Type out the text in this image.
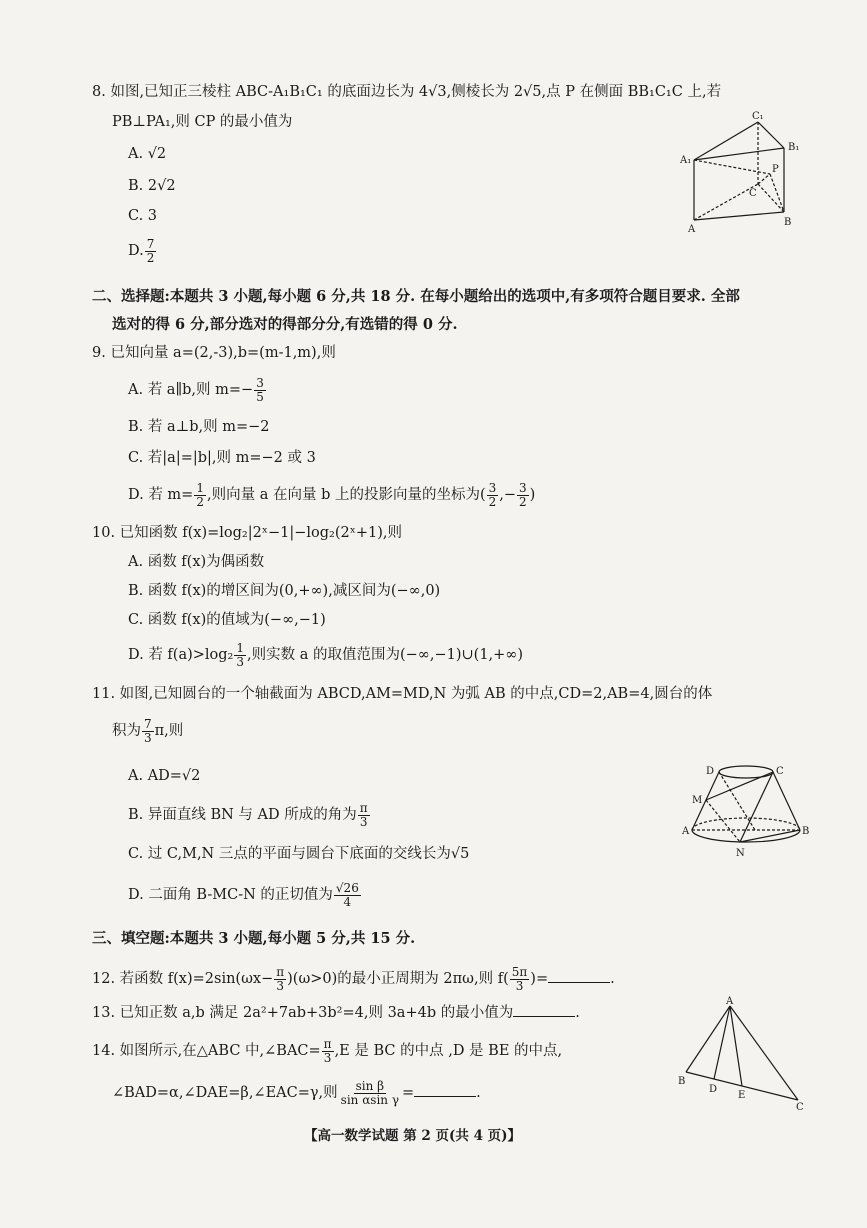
8. 如图,已知正三棱柱 ABC-A₁B₁C₁ 的底面边长为 4√3,侧棱长为 2√5,点 P 在侧面 BB₁C₁C 上,若
PB⊥PA₁,则 CP 的最小值为
A. √2
B. 2√2
C. 3
D. $\frac{7}{2}$
C₁
A₁
B₁
P
C
A
B
二、选择题:本题共 3 小题,每小题 6 分,共 18 分. 在每小题给出的选项中,有多项符合题目要求. 全部
选对的得 6 分,部分选对的得部分分,有选错的得 0 分.
9. 已知向量 a=(2,-3),b=(m-1,m),则
A. 若 a∥b,则 $m=- \frac{3}{5}$
B. 若 a⊥b,则 m=−2
C. 若|a|=|b|,则 m=−2 或 3
D. 若 $m= \frac{1}{2}$ ,则向量 a 在向量 b 上的投影向量的坐标为( $\frac{3}{2}$ ,− $\frac{3}{2}$ )
10. 已知函数 f(x)=log₂|2ˣ−1|−log₂(2ˣ+1),则
A. 函数 f(x)为偶函数
B. 函数 f(x)的增区间为(0,+∞),减区间为(−∞,0)
C. 函数 f(x)的值域为(−∞,−1)
D. 若 $f(a)>\log_2 \frac{1}{3}$ ,则实数 a 的取值范围为(−∞,−1)∪(1,+∞)
11. 如图,已知圆台的一个轴截面为 ABCD,AM=MD,N 为弧 AB 的中点,CD=2,AB=4,圆台的体
积为 $\frac{7}{3} \pi$,则
A. AD=√2
B. 异面直线 BN 与 AD 所成的角为 $\frac{\pi}{3}$
C. 过 C,M,N 三点的平面与圆台下底面的交线长为√5
D. 二面角 B-MC-N 的正切值为 $\frac{√26}{4}$
D	C
M
A	B
N
三、填空题:本题共 3 小题,每小题 5 分,共 15 分.
12. 若函数 $f(x)=2\sin(\omega x- \frac{\pi}{3} )(\omega>0)$的最小正周期为 2πω,则 $f( \frac{5\pi}{3}$ )=	.
13. 已知正数 a,b 满足 2a²+7ab+3b²=4,则 3a+4b 的最小值为	.
14. 如图所示,在△ABC 中,∠BAC= $\frac{\pi}{3} ,E$ 是 BC 的中点 ,D 是 BE 的中点,
∠BAD=α,∠DAE=β,∠EAC=γ,则 $\frac{\text{sin β}}{\text{sin αsin γ}}$ =	.
A
B
D
E
C
【高一数学试题 第 2 页(共 4 页)】
